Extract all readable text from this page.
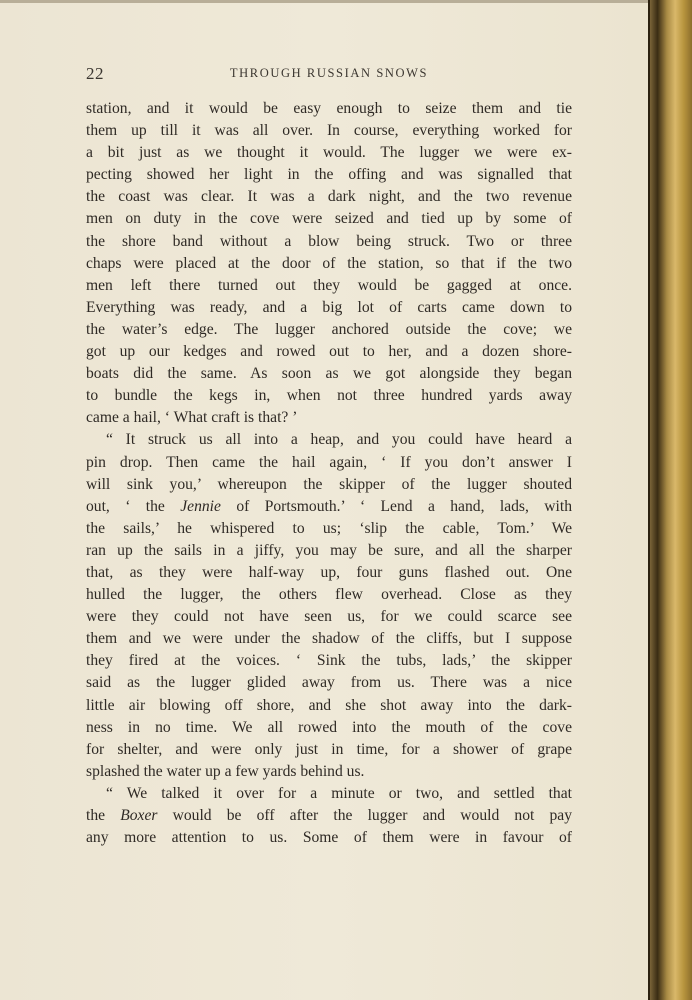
22	THROUGH RUSSIAN SNOWS
station, and it would be easy enough to seize them and tie
them up till it was all over. In course, everything worked for
a bit just as we thought it would. The lugger we were ex-
pecting showed her light in the offing and was signalled that
the coast was clear. It was a dark night, and the two revenue
men on duty in the cove were seized and tied up by some of
the shore band without a blow being struck. Two or three
chaps were placed at the door of the station, so that if the two
men left there turned out they would be gagged at once.
Everything was ready, and a big lot of carts came down to
the water’s edge. The lugger anchored outside the cove; we
got up our kedges and rowed out to her, and a dozen shore-
boats did the same. As soon as we got alongside they began
to bundle the kegs in, when not three hundred yards away
came a hail, ‘ What craft is that? ’
“ It struck us all into a heap, and you could have heard a
pin drop. Then came the hail again, ‘ If you don’t answer I
will sink you,’ whereupon the skipper of the lugger shouted
out, ‘ the Jennie of Portsmouth.’ ‘ Lend a hand, lads, with
the sails,’ he whispered to us; ‘slip the cable, Tom.’ We
ran up the sails in a jiffy, you may be sure, and all the sharper
that, as they were half-way up, four guns flashed out. One
hulled the lugger, the others flew overhead. Close as they
were they could not have seen us, for we could scarce see
them and we were under the shadow of the cliffs, but I suppose
they fired at the voices. ‘ Sink the tubs, lads,’ the skipper
said as the lugger glided away from us. There was a nice
little air blowing off shore, and she shot away into the dark-
ness in no time. We all rowed into the mouth of the cove
for shelter, and were only just in time, for a shower of grape
splashed the water up a few yards behind us.
“ We talked it over for a minute or two, and settled that
the Boxer would be off after the lugger and would not pay
any more attention to us. Some of them were in favour of
